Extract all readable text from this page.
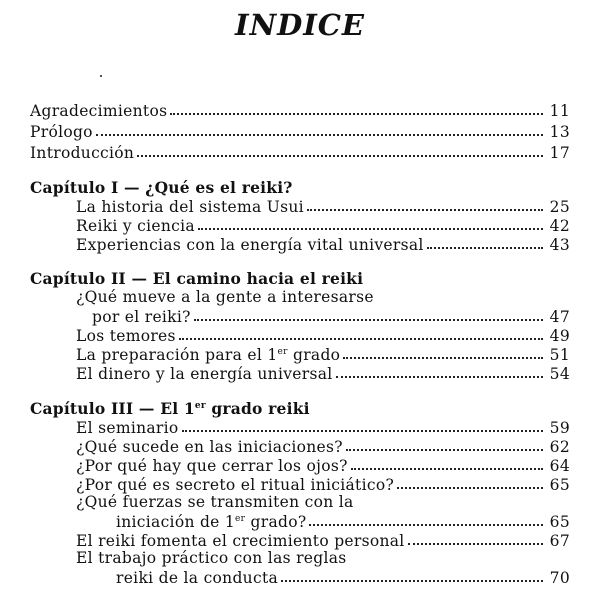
INDICE
Agradecimientos	11
Prólogo	13
Introducción	17
Capítulo I — ¿Qué es el reiki?
La historia del sistema Usui	25
Reiki y ciencia	42
Experiencias con la energía vital universal	43
Capítulo II — El camino hacia el reiki
¿Qué mueve a la gente a interesarse
por el reiki?	47
Los temores	49
La preparación para el 1er grado	51
El dinero y la energía universal	54
Capítulo III — El 1er grado reiki
El seminario	59
¿Qué sucede en las iniciaciones?	62
¿Por qué hay que cerrar los ojos?	64
¿Por qué es secreto el ritual iniciático?	65
¿Qué fuerzas se transmiten con la
iniciación de 1er grado?	65
El reiki fomenta el crecimiento personal	67
El trabajo práctico con las reglas
reiki de la conducta	70
